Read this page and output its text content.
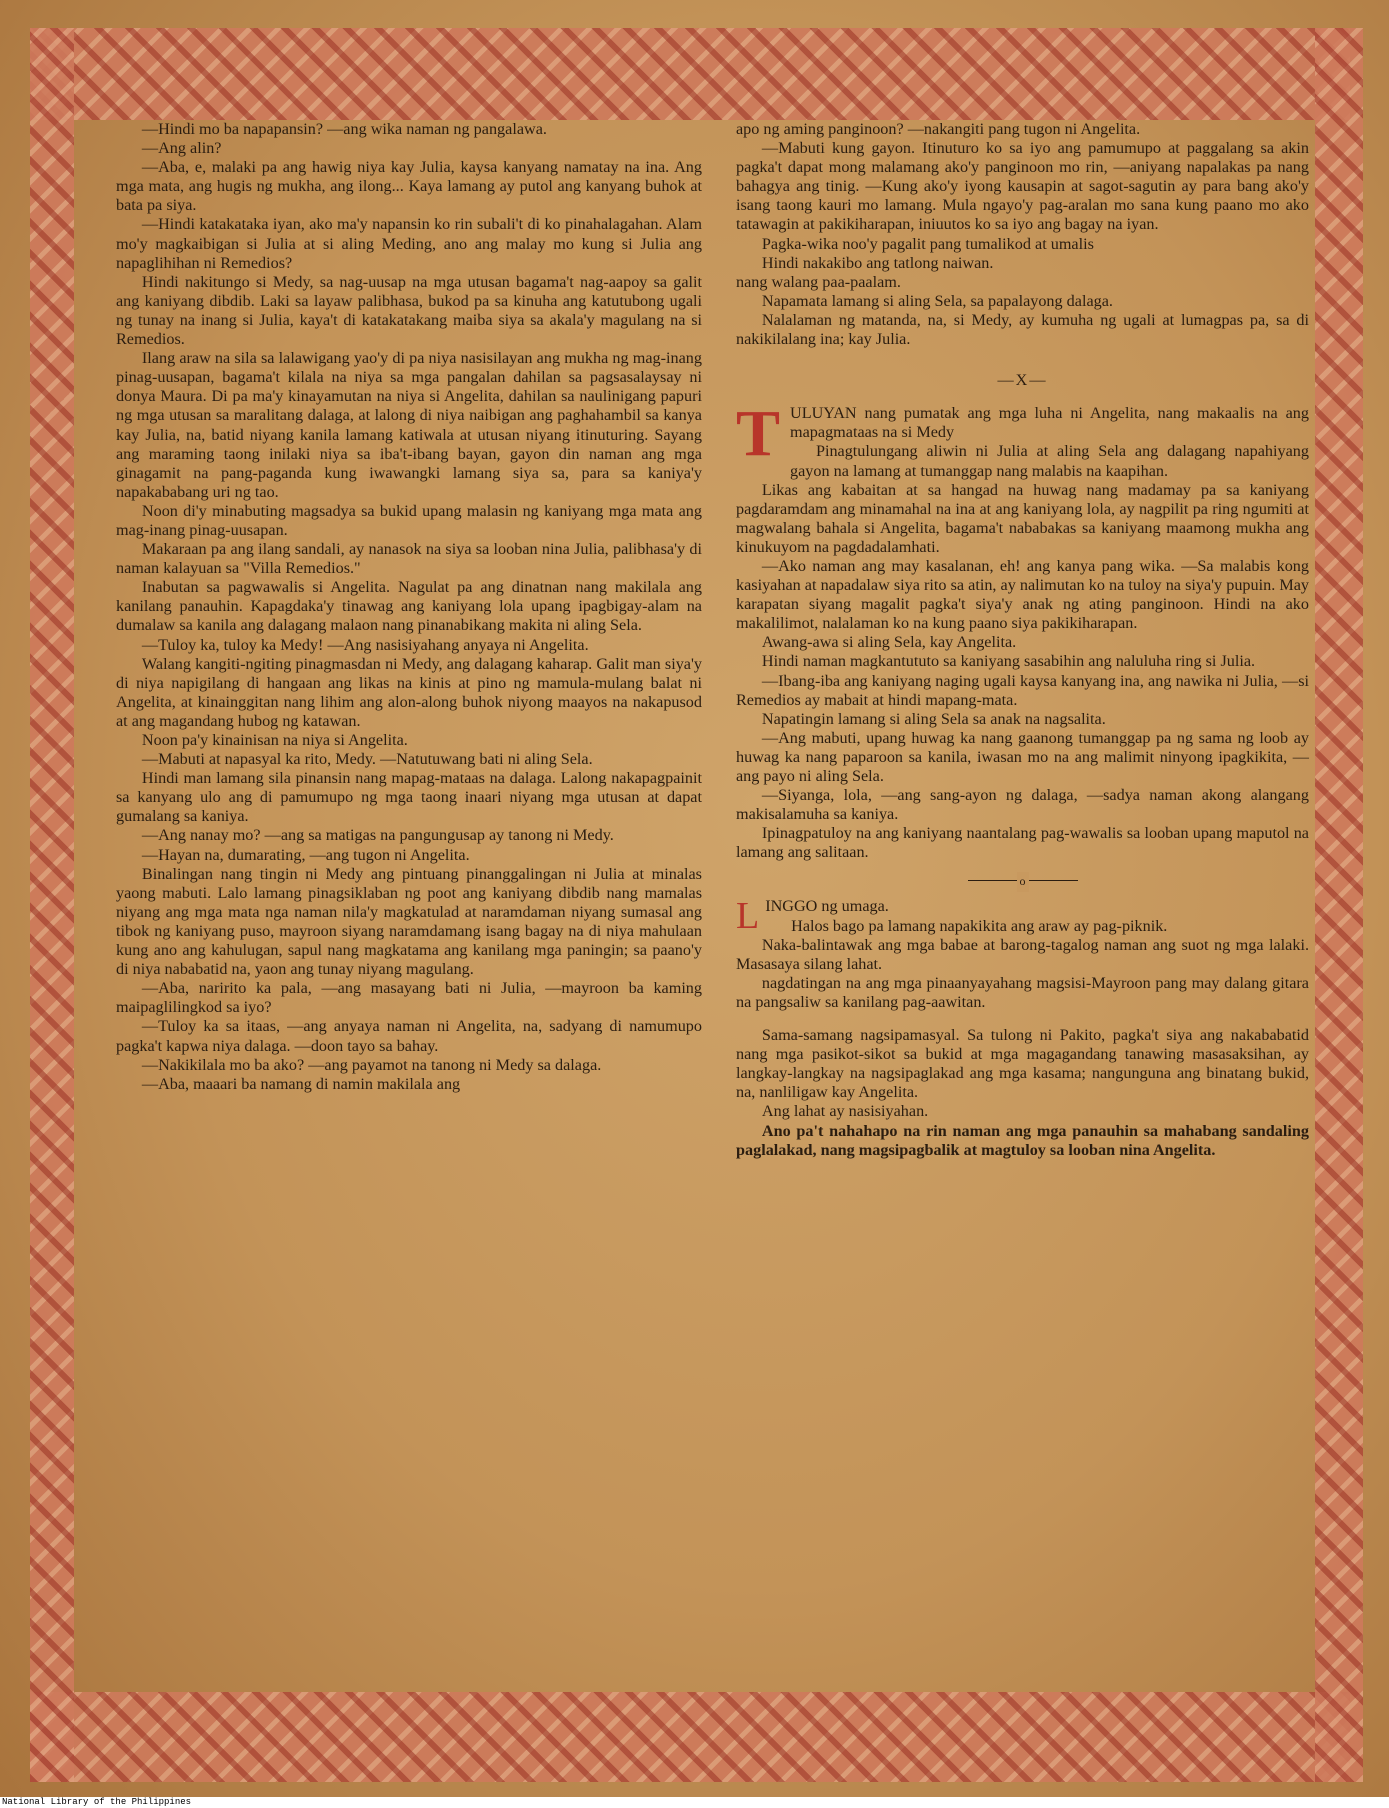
—Hindi mo ba napapansin? —ang wika naman ng pangalawa.

—Ang alin?

—Aba, e, malaki pa ang hawig niya kay Julia, kaysa kanyang namatay na ina. Ang mga mata, ang hugis ng mukha, ang ilong... Kaya lamang ay putol ang kanyang buhok at bata pa siya.

—Hindi katakataka iyan, ako ma'y napansin ko rin subali't di ko pinahalagahan. Alam mo'y magkaibigan si Julia at si aling Meding, ano ang malay mo kung si Julia ang napaglihihan ni Remedios?

Hindi nakitungo si Medy, sa nag-uusap na mga utusan bagama't nag-aapoy sa galit ang kaniyang dibdib. Laki sa layaw palibhasa, bukod pa sa kinuha ang katutubong ugali ng tunay na inang si Julia, kaya't di katakatakang maiba siya sa akala'y magulang na si Remedios.

Ilang araw na sila sa lalawigang yao'y di pa niya nasisilayan ang mukha ng mag-inang pinag-uusapan, bagama't kilala na niya sa mga pangalan dahilan sa pagsasalaysay ni donya Maura. Di pa ma'y kinayamutan na niya si Angelita, dahilan sa naulinigang papuri ng mga utusan sa maralitang dalaga, at lalong di niya naibigan ang paghahambil sa kanya kay Julia, na, batid niyang kanila lamang katiwala at utusan niyang itinuturing. Sayang ang maraming taong inilaki niya sa iba't-ibang bayan, gayon din naman ang mga ginagamit na pang-paganda kung iwawangki lamang siya sa, para sa kaniya'y napakababang uri ng tao.

Noon di'y minabuting magsadya sa bukid upang malasin ng kaniyang mga mata ang mag-inang pinag-uusapan.

Makaraan pa ang ilang sandali, ay nanasok na siya sa looban nina Julia, palibhasa'y di naman kalayuan sa "Villa Remedios."

Inabutan sa pagwawalis si Angelita. Nagulat pa ang dinatnan nang makilala ang kanilang panauhin. Kapagdaka'y tinawag ang kaniyang lola upang ipagbigay-alam na dumalaw sa kanila ang dalagang malaon nang pinanabikang makita ni aling Sela.

—Tuloy ka, tuloy ka Medy! —Ang nasisiyahang anyaya ni Angelita.

Walang kangiti-ngiting pinagmasdan ni Medy, ang dalagang kaharap. Galit man siya'y di niya napigilang di hangaan ang likas na kinis at pino ng mamula-mulang balat ni Angelita, at kinainggitan nang lihim ang alon-along buhok niyong maayos na nakapusod at ang magandang hubog ng katawan.

Noon pa'y kinainisan na niya si Angelita.

—Mabuti at napasyal ka rito, Medy. —Natutuwang bati ni aling Sela.

Hindi man lamang sila pinansin nang mapag-mataas na dalaga. Lalong nakapagpainit sa kanyang ulo ang di pamumupo ng mga taong inaari niyang mga utusan at dapat gumalang sa kaniya.

—Ang nanay mo? —ang sa matigas na pangungusap ay tanong ni Medy.

—Hayan na, dumarating, —ang tugon ni Angelita.

Binalingan nang tingin ni Medy ang pintuang pinanggalingan ni Julia at minalas yaong mabuti. Lalo lamang pinagsiklaban ng poot ang kaniyang dibdib nang mamalas niyang ang mga mata nga naman nila'y magkatulad at naramdaman niyang sumasal ang tibok ng kaniyang puso, mayroon siyang naramdamang isang bagay na di niya mahulaan kung ano ang kahulugan, sapul nang magkatama ang kanilang mga paningin; sa paano'y di niya nababatid na, yaon ang tunay niyang magulang.

—Aba, naririto ka pala, —ang masayang bati ni Julia, —mayroon ba kaming maipaglilingkod sa iyo?

—Tuloy ka sa itaas, —ang anyaya naman ni Angelita, na, sadyang di namumupo pagka't kapwa niya dalaga. —doon tayo sa bahay.

—Nakikilala mo ba ako? —ang payamot na tanong ni Medy sa dalaga.

—Aba, maaari ba namang di namin makilala ang

apo ng aming panginoon? —nakangiti pang tugon ni Angelita.

—Mabuti kung gayon. Itinuturo ko sa iyo ang pamumupo at paggalang sa akin pagka't dapat mong malamang ako'y panginoon mo rin, —aniyang napalakas pa nang bahagya ang tinig. —Kung ako'y iyong kausapin at sagot-sagutin ay para bang ako'y isang taong kauri mo lamang. Mula ngayo'y pag-aralan mo sana kung paano mo ako tatawagin at pakikiharapan, iniuutos ko sa iyo ang bagay na iyan.

Pagka-wika noo'y pagalit pang tumalikod at umalis

Hindi nakakibo ang tatlong naiwan.

nang walang paa-paalam.

Napamata lamang si aling Sela, sa papalayong dalaga.

Nalalaman ng matanda, na, si Medy, ay kumuha ng ugali at lumagpas pa, sa di nakikilalang ina; kay Julia.

—X—

T ULUYAN nang pumatak ang mga luha ni Angelita, nang makaalis na ang mapagmataas na si Medy

Pinagtulungang aliwin ni Julia at aling Sela ang dalagang napahiyang gayon na lamang at tumanggap nang malabis na kaapihan.

Likas ang kabaitan at sa hangad na huwag nang madamay pa sa kaniyang pagdaramdam ang minamahal na ina at ang kaniyang lola, ay nagpilit pa ring ngumiti at magwalang bahala si Angelita, bagama't nababakas sa kaniyang maamong mukha ang kinukuyom na pagdadalamhati.

—Ako naman ang may kasalanan, eh! ang kanya pang wika. —Sa malabis kong kasiyahan at napadalaw siya rito sa atin, ay nalimutan ko na tuloy na siya'y pupuin. May karapatan siyang magalit pagka't siya'y anak ng ating panginoon. Hindi na ako makalilimot, nalalaman ko na kung paano siya pakikiharapan.

Awang-awa si aling Sela, kay Angelita.

Hindi naman magkantututo sa kaniyang sasabihin ang naluluha ring si Julia.

—Ibang-iba ang kaniyang naging ugali kaysa kanyang ina, ang nawika ni Julia, —si Remedios ay mabait at hindi mapang-mata.

Napatingin lamang si aling Sela sa anak na nagsalita.

—Ang mabuti, upang huwag ka nang gaanong tumanggap pa ng sama ng loob ay huwag ka nang paparoon sa kanila, iwasan mo na ang malimit ninyong ipagkikita, —ang payo ni aling Sela.

—Siyanga, lola, —ang sang-ayon ng dalaga, —sadya naman akong alangang makisalamuha sa kaniya.

Ipinagpatuloy na ang kaniyang naantalang pag-wawalis sa looban upang maputol na lamang ang salitaan.

o

L INGGO ng umaga.

Halos bago pa lamang napakikita ang araw ay pag-piknik.

Naka-balintawak ang mga babae at barong-tagalog naman ang suot ng mga lalaki. Masasaya silang lahat.

nagdatingan na ang mga pinaanyayahang magsisi-Mayroon pang may dalang gitara na pangsaliw sa kanilang pag-aawitan.

Sama-samang nagsipamasyal. Sa tulong ni Pakito, pagka't siya ang nakababatid nang mga pasikot-sikot sa bukid at mga magagandang tanawing masasaksihan, ay langkay-langkay na nagsipaglakad ang mga kasama; nangunguna ang binatang bukid, na, nanliligaw kay Angelita.

Ang lahat ay nasisiyahan.

Ano pa't nahahapo na rin naman ang mga panauhin sa mahabang sandaling paglalakad, nang magsipagbalik at magtuloy sa looban nina Angelita.

National Library of the Philippines
